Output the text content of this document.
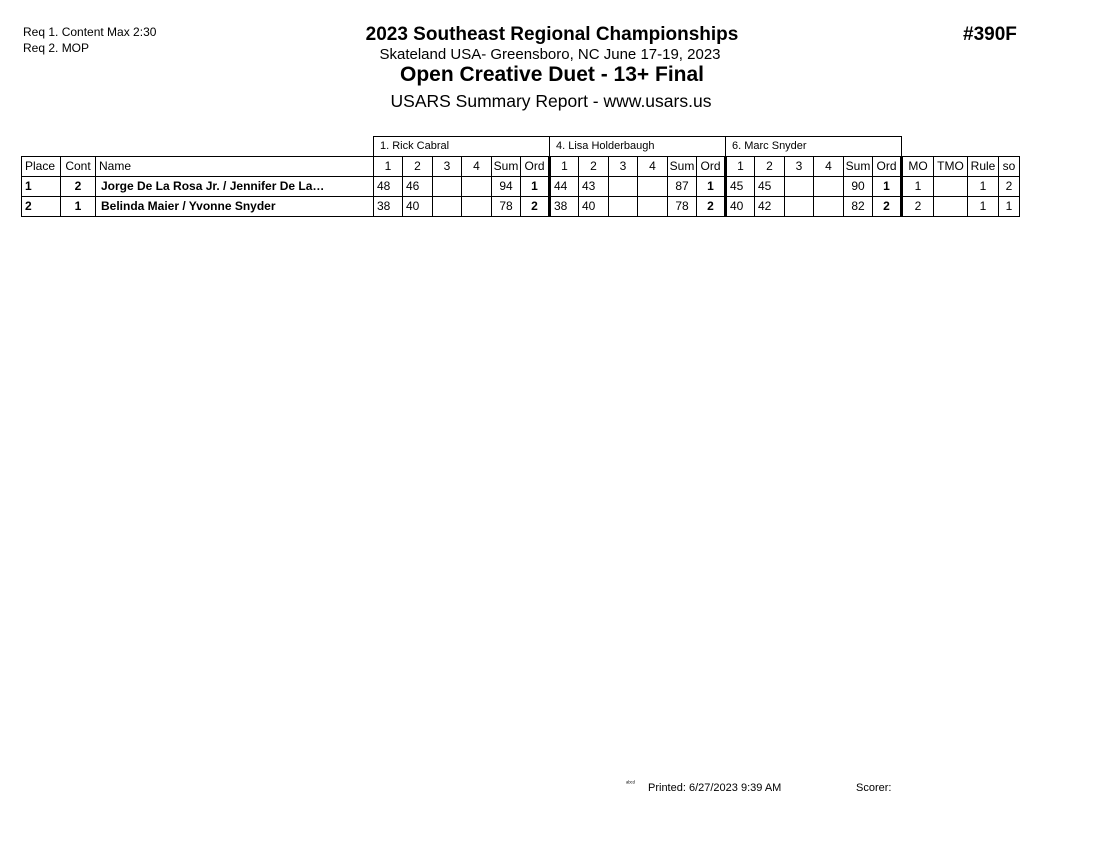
Req 1. Content Max 2:30
Req 2. MOP
2023 Southeast Regional Championships
Skateland USA- Greensboro, NC June 17-19, 2023
Open Creative Duet - 13+ Final
USARS Summary Report - www.usars.us
#390F
			1. Rick Cabral						4. Lisa Holderbaugh						6. Marc Snyder									
Place	Cont	Name	1	2	3	4	Sum	Ord	1	2	3	4	Sum	Ord	1	2	3	4	Sum	Ord	MO	TMO	Rule	so
1	2	Jorge De La Rosa Jr. / Jennifer De La…	48	46			94	1	44	43			87	1	45	45			90	1	1		1	2
2	1	Belinda Maier / Yvonne Snyder	38	40			78	2	38	40			78	2	40	42			82	2	2		1	1
ᵃᵇᶜᵈ Printed: 6/27/2023 9:39 AM	Scorer:
